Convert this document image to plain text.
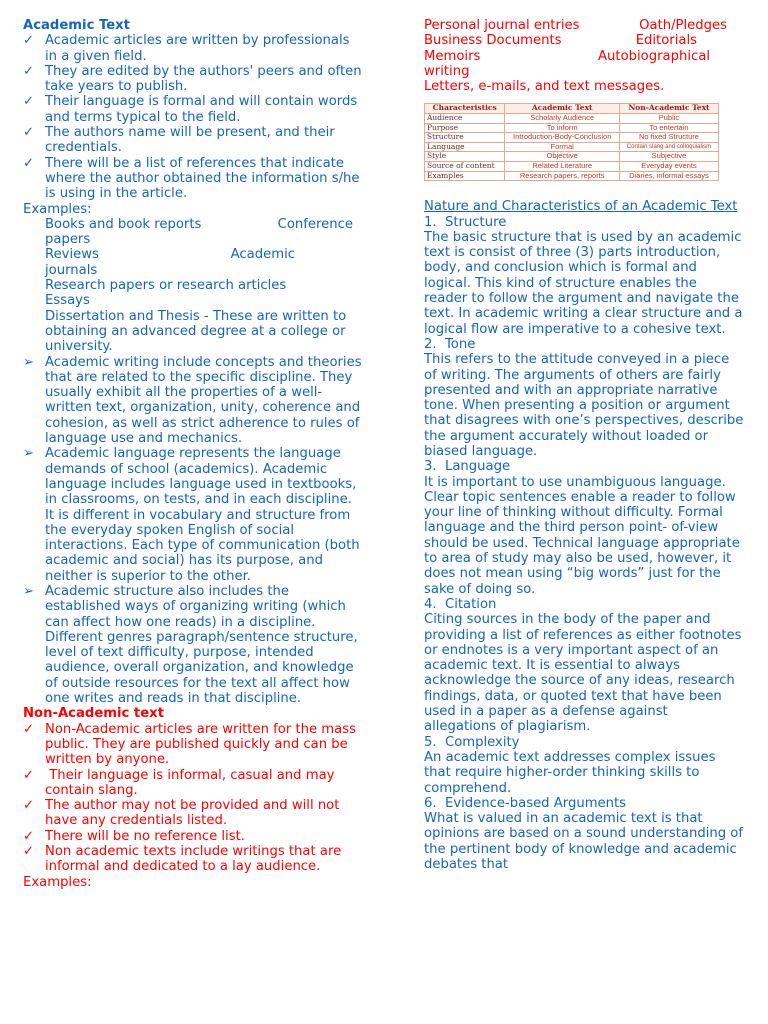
Academic Text
✓ Academic articles are written by professionals in a given field.
✓ They are edited by the authors' peers and often take years to publish.
✓ Their language is formal and will contain words and terms typical to the field.
✓ The authors name will be present, and their credentials.
✓ There will be a list of references that indicate where the author obtained the information s/he is using in the article.
Examples:
Books and book reports	Conference
papers
Reviews	Academic
journals
Research papers or research articles
Essays
Dissertation and Thesis - These are written to obtaining an advanced degree at a college or university.
➢ Academic writing include concepts and theories that are related to the specific discipline. They usually exhibit all the properties of a well-written text, organization, unity, coherence and cohesion, as well as strict adherence to rules of language use and mechanics.
➢ Academic language represents the language demands of school (academics). Academic language includes language used in textbooks, in classrooms, on tests, and in each discipline. It is different in vocabulary and structure from the everyday spoken English of social interactions. Each type of communication (both academic and social) has its purpose, and neither is superior to the other.
➢ Academic structure also includes the established ways of organizing writing (which can affect how one reads) in a discipline. Different genres paragraph/sentence structure, level of text difficulty, purpose, intended audience, overall organization, and knowledge of outside resources for the text all affect how one writes and reads in that discipline.
Non-Academic text
✓ Non-Academic articles are written for the mass public. They are published quickly and can be written by anyone.
✓ Their language is informal, casual and may contain slang.
✓ The author may not be provided and will not have any credentials listed.
✓ There will be no reference list.
✓ Non academic texts include writings that are informal and dedicated to a lay audience.
Examples:
Personal journal entries	Oath/Pledges
Business Documents	Editorials
Memoirs	Autobiographical
writing
Letters, e-mails, and text messages.
Characteristics	Academic Text	Non-Academic Text
Audience	Scholarly Audience	Public
Purpose	To inform	To entertain
Structure	Introduction-Body-Conclusion	No fixed Structure
Language	Formal	Contain slang and colloquialism
Style	Objective	Subjective
Source of content	Related Literature	Everyday events
Examples	Research papers, reports	Diaries, informal essays
Nature and Characteristics of an Academic Text
1. Structure
The basic structure that is used by an academic text is consist of three (3) parts introduction, body, and conclusion which is formal and logical. This kind of structure enables the reader to follow the argument and navigate the text. In academic writing a clear structure and a logical flow are imperative to a cohesive text.
2. Tone
This refers to the attitude conveyed in a piece of writing. The arguments of others are fairly presented and with an appropriate narrative tone. When presenting a position or argument that disagrees with one’s perspectives, describe the argument accurately without loaded or biased language.
3. Language
It is important to use unambiguous language. Clear topic sentences enable a reader to follow your line of thinking without difficulty. Formal language and the third person point- of-view should be used. Technical language appropriate to area of study may also be used, however, it does not mean using “big words” just for the sake of doing so.
4. Citation
Citing sources in the body of the paper and providing a list of references as either footnotes or endnotes is a very important aspect of an academic text. It is essential to always acknowledge the source of any ideas, research findings, data, or quoted text that have been used in a paper as a defense against allegations of plagiarism.
5. Complexity
An academic text addresses complex issues that require higher-order thinking skills to comprehend.
6. Evidence-based Arguments
What is valued in an academic text is that opinions are based on a sound understanding of the pertinent body of knowledge and academic debates that
